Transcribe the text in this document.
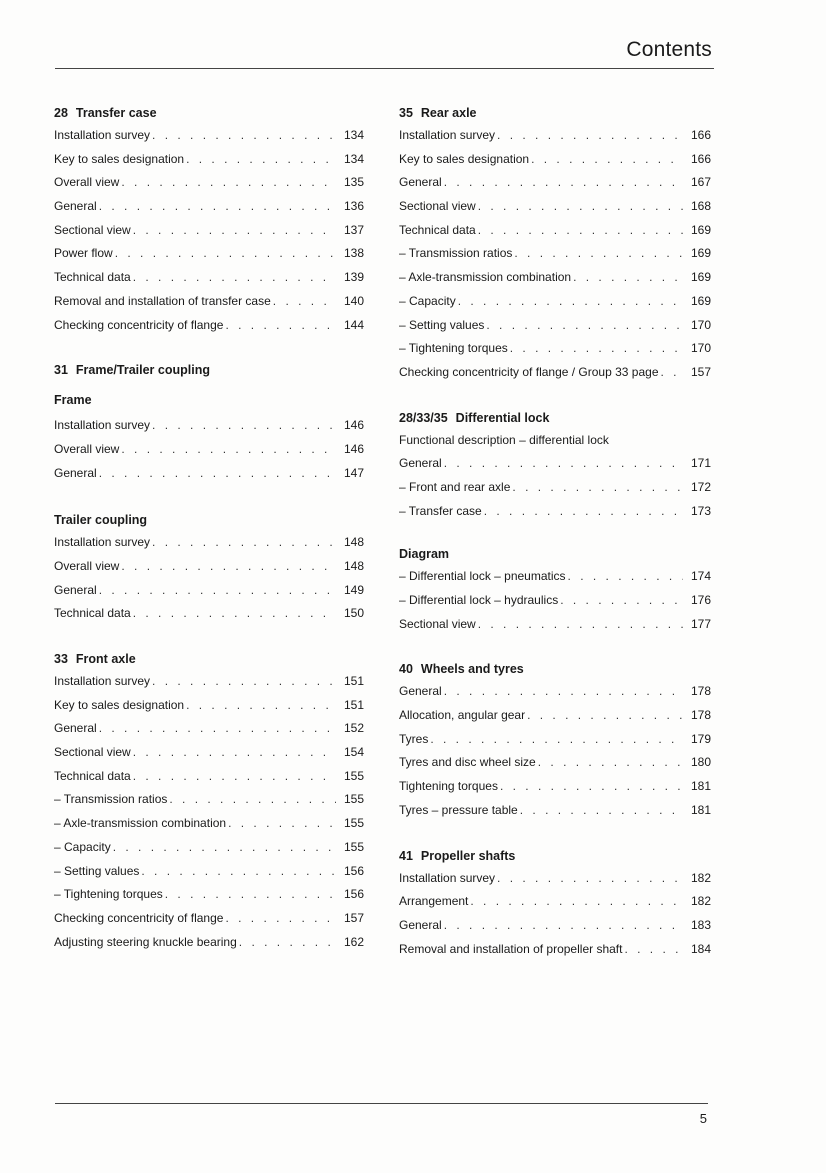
Contents
28 Transfer case
Installation survey . . .	134
Key to sales designation . . .	134
Overall view . . .	135
General . . .	136
Sectional view . . .	137
Power flow . . .	138
Technical data . . .	139
Removal and installation of transfer case . . .	140
Checking concentricity of flange . . .	144
31 Frame/Trailer coupling
Frame
Installation survey . . .	146
Overall view . . .	146
General . . .	147
Trailer coupling
Installation survey . . .	148
Overall view . . .	148
General . . .	149
Technical data . . .	150
33 Front axle
Installation survey . . .	151
Key to sales designation . . .	151
General . . .	152
Sectional view . . .	154
Technical data . . .	155
– Transmission ratios . . .	155
– Axle-transmission combination . . .	155
– Capacity . . .	155
– Setting values . . .	156
– Tightening torques . . .	156
Checking concentricity of flange . . .	157
Adjusting steering knuckle bearing . . .	162
35 Rear axle
Installation survey . . .	166
Key to sales designation . . .	166
General . . .	167
Sectional view . . .	168
Technical data . . .	169
– Transmission ratios . . .	169
– Axle-transmission combination . . .	169
– Capacity . . .	169
– Setting values . . .	170
– Tightening torques . . .	170
Checking concentricity of flange / Group 33 page . . .	157
28/33/35 Differential lock
Functional description – differential lock
General . . .	171
– Front and rear axle . . .	172
– Transfer case . . .	173
Diagram
– Differential lock – pneumatics . . .	174
– Differential lock – hydraulics . . .	176
Sectional view . . .	177
40 Wheels and tyres
General . . .	178
Allocation, angular gear . . .	178
Tyres . . .	179
Tyres and disc wheel size . . .	180
Tightening torques . . .	181
Tyres – pressure table . . .	181
41 Propeller shafts
Installation survey . . .	182
Arrangement . . .	182
General . . .	183
Removal and installation of propeller shaft . . .	184
5
